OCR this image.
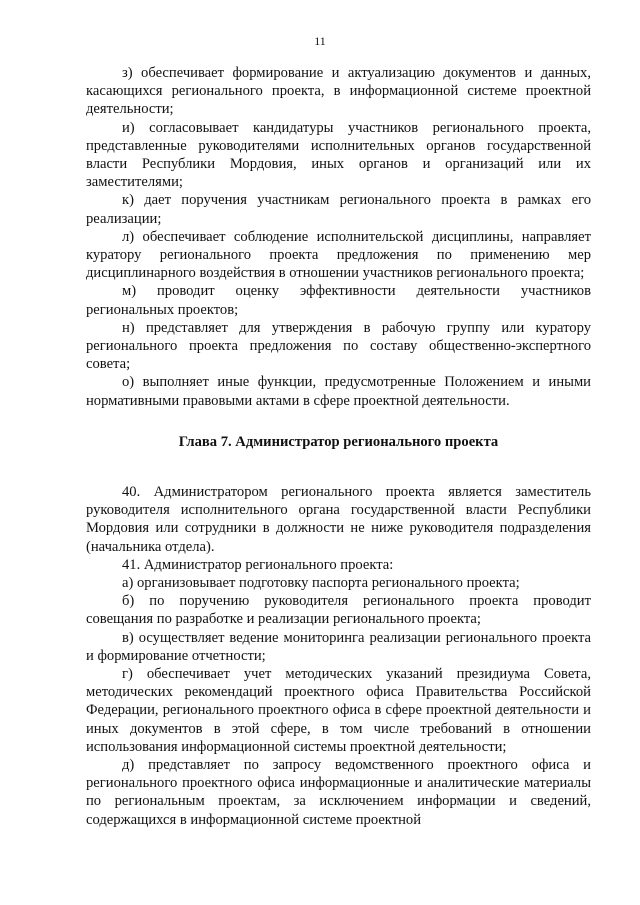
11

з) обеспечивает формирование и актуализацию документов и данных, касающихся регионального проекта, в информационной системе проектной деятельности;

и) согласовывает кандидатуры участников регионального проекта, представленные руководителями исполнительных органов государственной власти Республики Мордовия, иных органов и организаций или их заместителями;

к) дает поручения участникам регионального проекта в рамках его реализации;

л) обеспечивает соблюдение исполнительской дисциплины, направляет куратору регионального проекта предложения по применению мер дисциплинарного воздействия в отношении участников регионального проекта;

м) проводит оценку эффективности деятельности участников региональных проектов;

н) представляет для утверждения в рабочую группу или куратору регионального проекта предложения по составу общественно-экспертного совета;

о) выполняет иные функции, предусмотренные Положением и иными нормативными правовыми актами в сфере проектной деятельности.

Глава 7. Администратор регионального проекта

40. Администратором регионального проекта является заместитель руководителя исполнительного органа государственной власти Республики Мордовия или сотрудники в должности не ниже руководителя подразделения (начальника отдела).

41. Администратор регионального проекта:

а) организовывает подготовку паспорта регионального проекта;

б) по поручению руководителя регионального проекта проводит совещания по разработке и реализации регионального проекта;

в) осуществляет ведение мониторинга реализации регионального проекта и формирование отчетности;

г) обеспечивает учет методических указаний президиума Совета, методических рекомендаций проектного офиса Правительства Российской Федерации, регионального проектного офиса в сфере проектной деятельности и иных документов в этой сфере, в том числе требований в отношении использования информационной системы проектной деятельности;

д) представляет по запросу ведомственного проектного офиса и регионального проектного офиса информационные и аналитические материалы по региональным проектам, за исключением информации и сведений, содержащихся в информационной системе проектной
